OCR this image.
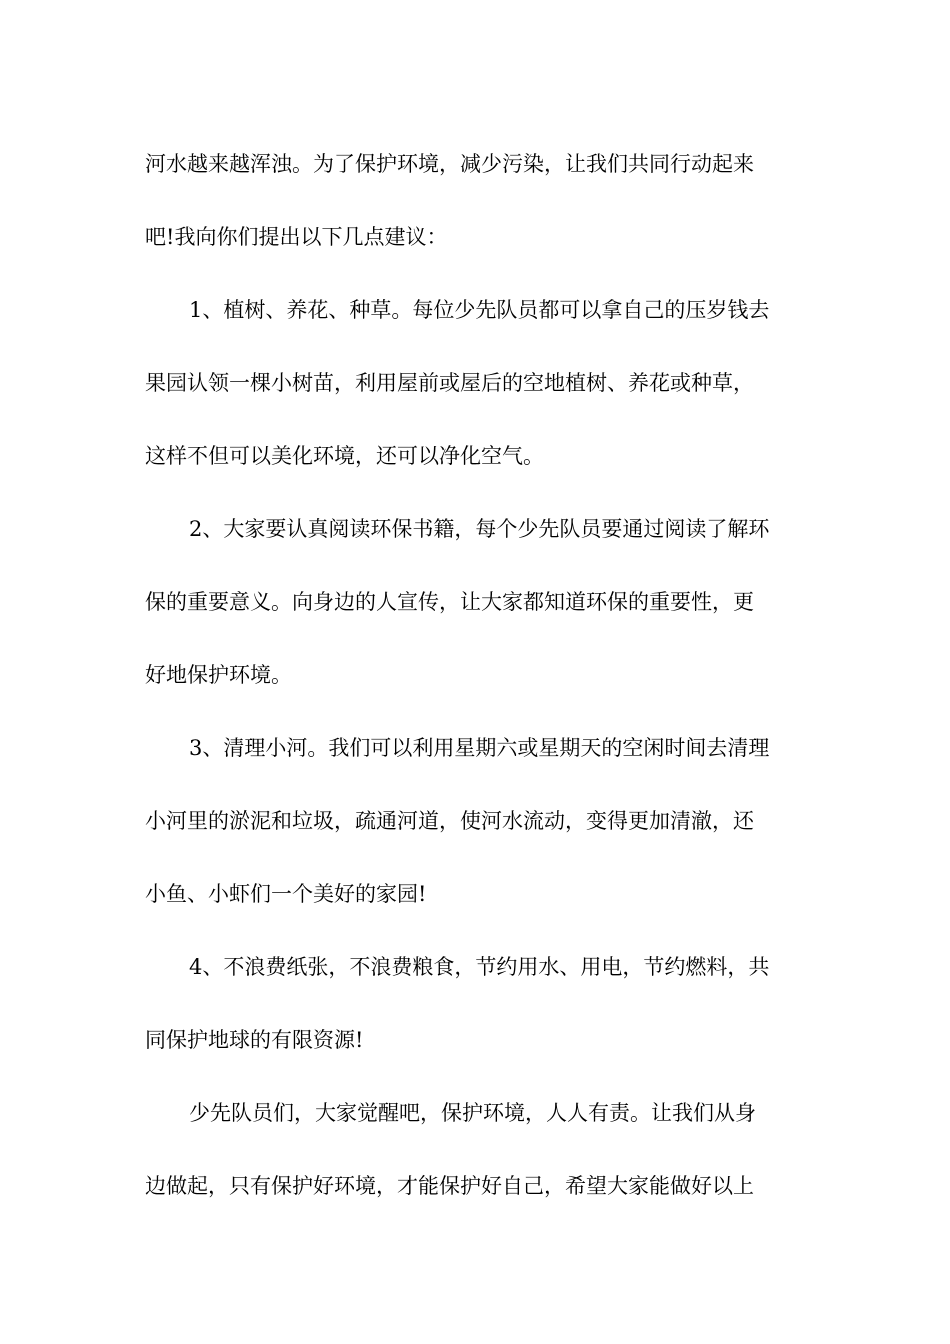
河水越来越浑浊。为了保护环境，减少污染，让我们共同行动起来
吧!我向你们提出以下几点建议：
1、植树、养花、种草。每位少先队员都可以拿自己的压岁钱去
果园认领一棵小树苗，利用屋前或屋后的空地植树、养花或种草，
这样不但可以美化环境，还可以净化空气。
2、大家要认真阅读环保书籍，每个少先队员要通过阅读了解环
保的重要意义。向身边的人宣传，让大家都知道环保的重要性，更
好地保护环境。
3、清理小河。我们可以利用星期六或星期天的空闲时间去清理
小河里的淤泥和垃圾，疏通河道，使河水流动，变得更加清澈，还
小鱼、小虾们一个美好的家园!
4、不浪费纸张，不浪费粮食，节约用水、用电，节约燃料，共
同保护地球的有限资源!
少先队员们，大家觉醒吧，保护环境，人人有责。让我们从身
边做起，只有保护好环境，才能保护好自己，希望大家能做好以上
